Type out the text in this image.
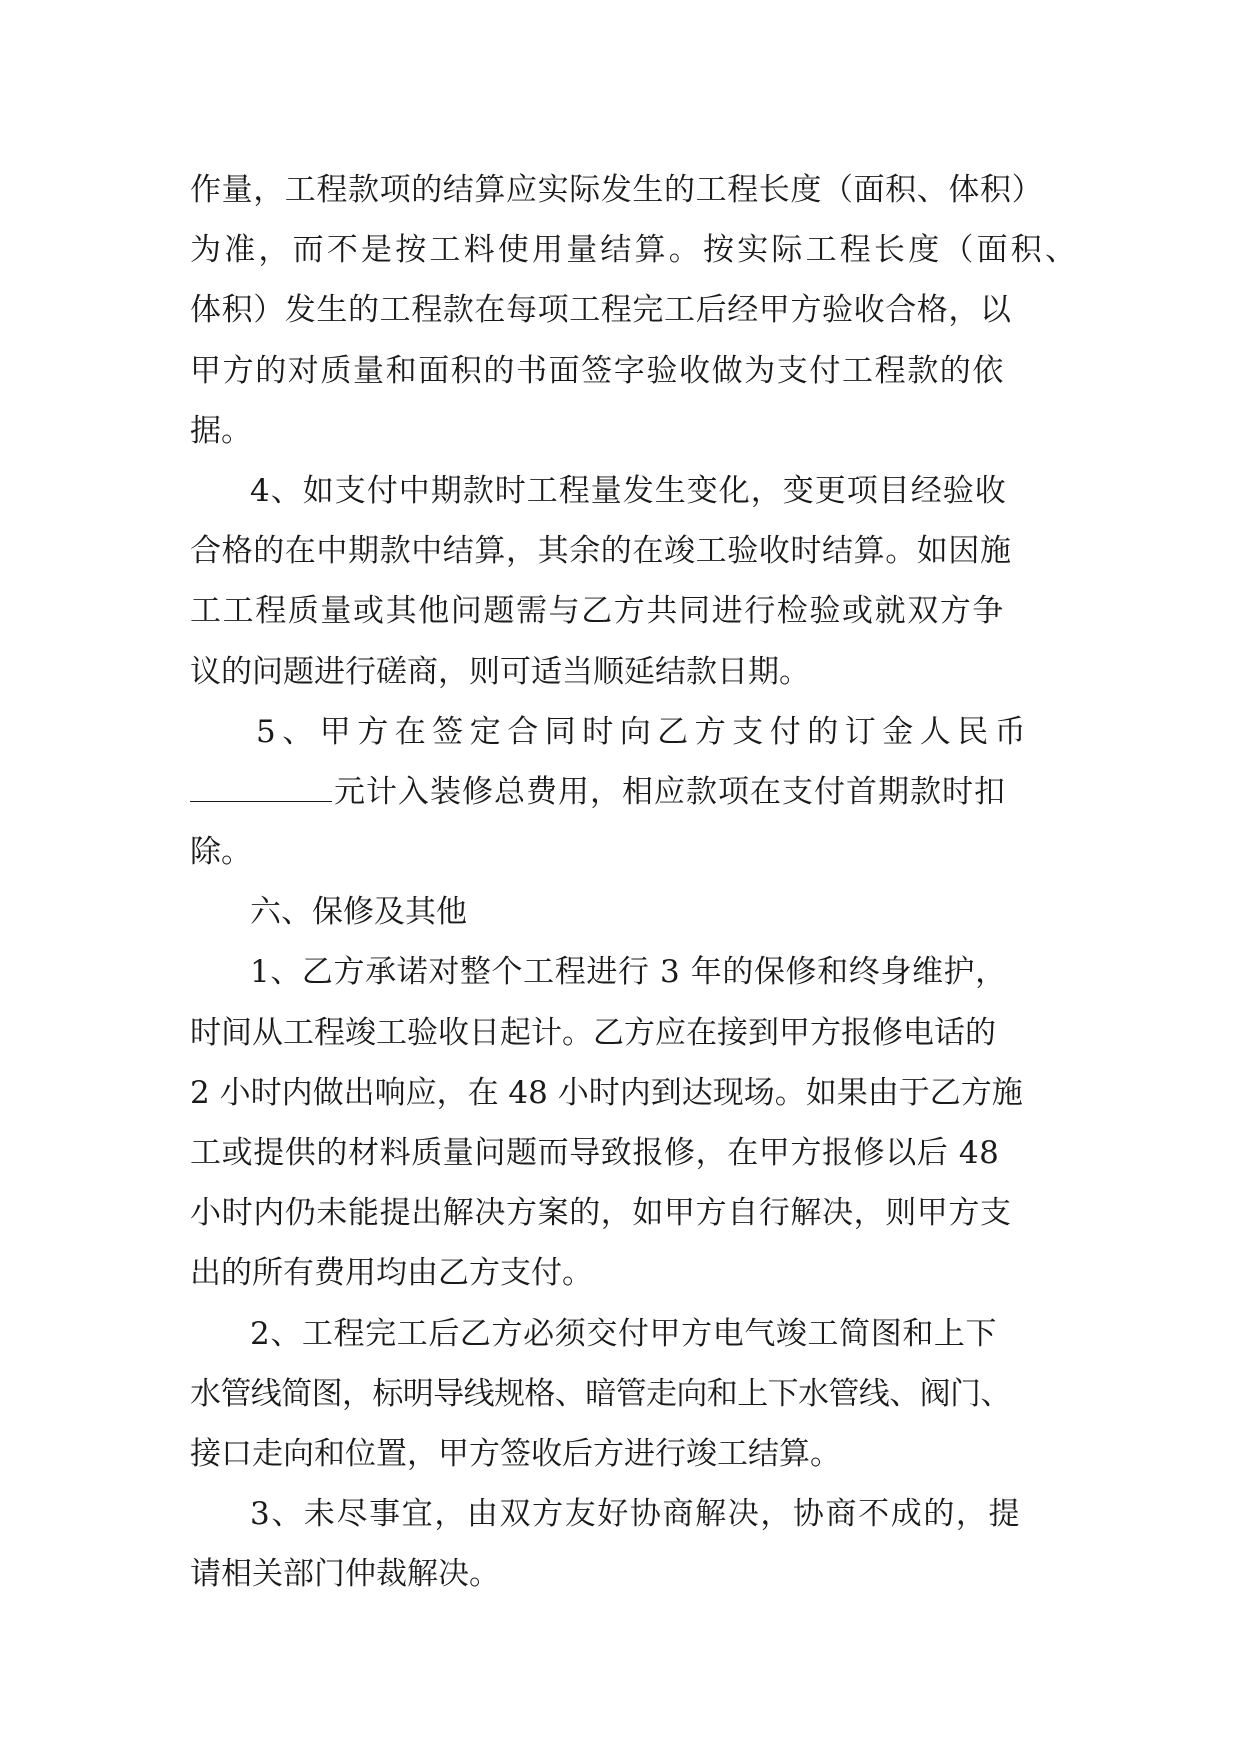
作量，工程款项的结算应实际发生的工程长度（面积、体积）
为准，而不是按工料使用量结算。按实际工程长度（面积、
体积）发生的工程款在每项工程完工后经甲方验收合格，以
甲方的对质量和面积的书面签字验收做为支付工程款的依
据。
4、如支付中期款时工程量发生变化，变更项目经验收
合格的在中期款中结算，其余的在竣工验收时结算。如因施
工工程质量或其他问题需与乙方共同进行检验或就双方争
议的问题进行磋商，则可适当顺延结款日期。
5、甲方在签定合同时向乙方支付的订金人民币
元计入装修总费用，相应款项在支付首期款时扣
除。
六、保修及其他
1、乙方承诺对整个工程进行 3 年的保修和终身维护，
时间从工程竣工验收日起计。乙方应在接到甲方报修电话的
2 小时内做出响应，在 48 小时内到达现场。如果由于乙方施
工或提供的材料质量问题而导致报修，在甲方报修以后 48
小时内仍未能提出解决方案的，如甲方自行解决，则甲方支
出的所有费用均由乙方支付。
2、工程完工后乙方必须交付甲方电气竣工简图和上下
水管线简图，标明导线规格、暗管走向和上下水管线、阀门、
接口走向和位置，甲方签收后方进行竣工结算。
3、未尽事宜，由双方友好协商解决，协商不成的，提
请相关部门仲裁解决。
